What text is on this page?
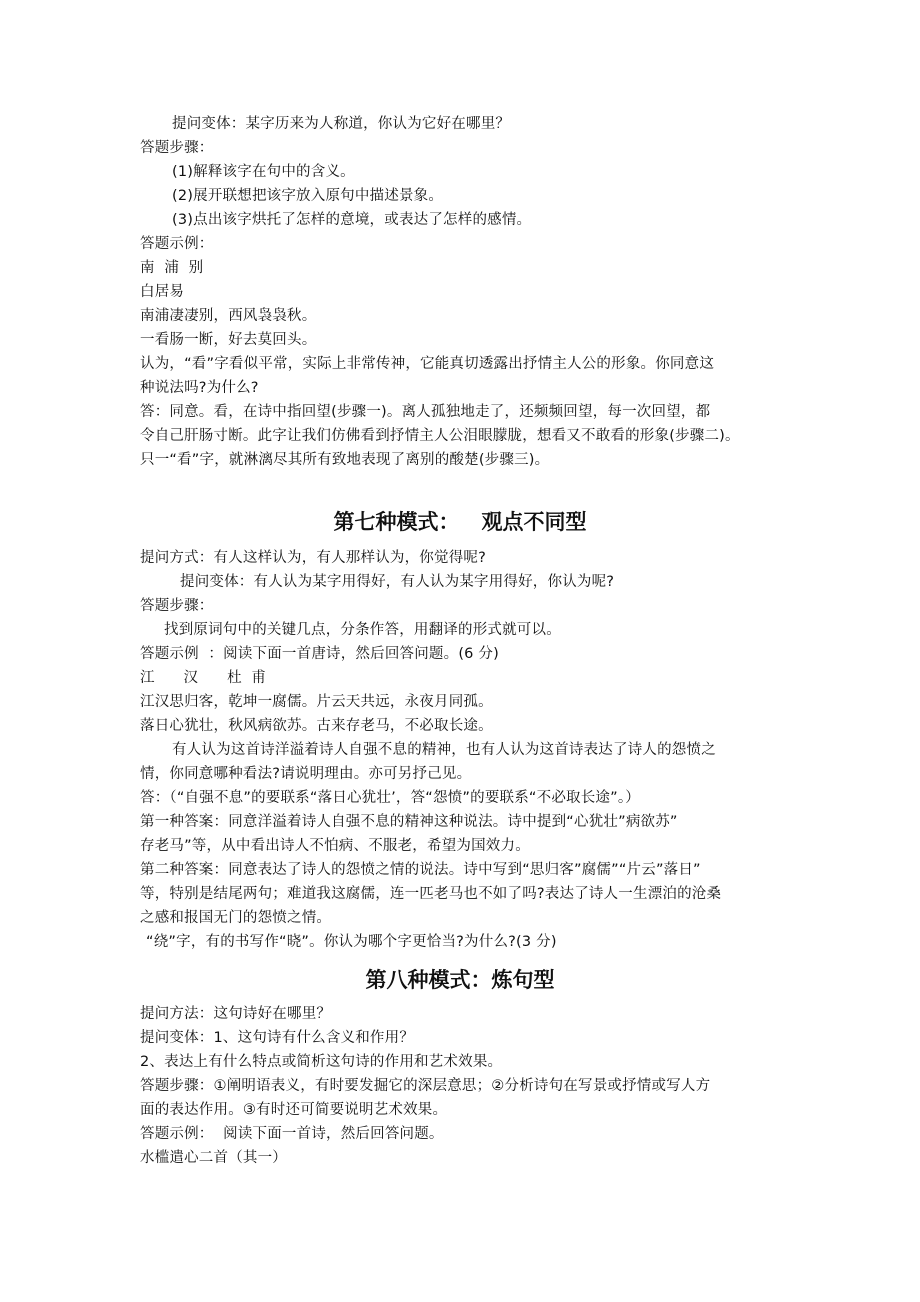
提问变体：某字历来为人称道，你认为它好在哪里？
答题步骤：
(1)解释该字在句中的含义。
(2)展开联想把该字放入原句中描述景象。
(3)点出该字烘托了怎样的意境，或表达了怎样的感情。
答题示例：
南  浦  别
白居易
南浦凄凄别，西风袅袅秋。
一看肠一断，好去莫回头。
认为，“看”字看似平常，实际上非常传神，它能真切透露出抒情主人公的形象。你同意这
种说法吗?为什么?
答：同意。看，在诗中指回望(步骤一)。离人孤独地走了，还频频回望，每一次回望，都
令自己肝肠寸断。此字让我们仿佛看到抒情主人公泪眼朦胧，想看又不敢看的形象(步骤二)。
只一“看”字，就淋漓尽其所有致地表现了离别的酸楚(步骤三)。
第七种模式：   观点不同型
提问方式：有人这样认为，有人那样认为，你觉得呢?
提问变体：有人认为某字用得好，有人认为某字用得好，你认为呢?
答题步骤：
找到原词句中的关键几点，分条作答，用翻译的形式就可以。
答题示例  ：阅读下面一首唐诗，然后回答问题。(6 分)
江      汉      杜  甫
江汉思归客，乾坤一腐儒。片云天共远，永夜月同孤。
落日心犹壮，秋风病欲苏。古来存老马，不必取长途。
有人认为这首诗洋溢着诗人自强不息的精神，也有人认为这首诗表达了诗人的怨愤之
情，你同意哪种看法?请说明理由。亦可另抒己见。
答：（“自强不息”的要联系“落日心犹壮’，答“怨愤”的要联系“不必取长途”。）
第一种答案：同意洋溢着诗人自强不息的精神这种说法。诗中提到“心犹壮”病欲苏”
存老马”等，从中看出诗人不怕病、不服老，希望为国效力。
第二种答案：同意表达了诗人的怨愤之情的说法。诗中写到“思归客”腐儒”“片云”落日”
等，特别是结尾两句；难道我这腐儒，连一匹老马也不如了吗?表达了诗人一生漂泊的沧桑
之感和报国无门的怨愤之情。
“绕”字，有的书写作“晓”。你认为哪个字更恰当?为什么?(3 分)
第八种模式：炼句型
提问方法：这句诗好在哪里？
提问变体：1、这句诗有什么含义和作用？
2、表达上有什么特点或简析这句诗的作用和艺术效果。
答题步骤：①阐明语表义，有时要发掘它的深层意思；②分析诗句在写景或抒情或写人方
面的表达作用。③有时还可简要说明艺术效果。
答题示例：  阅读下面一首诗，然后回答问题。
水槛遣心二首（其一）
